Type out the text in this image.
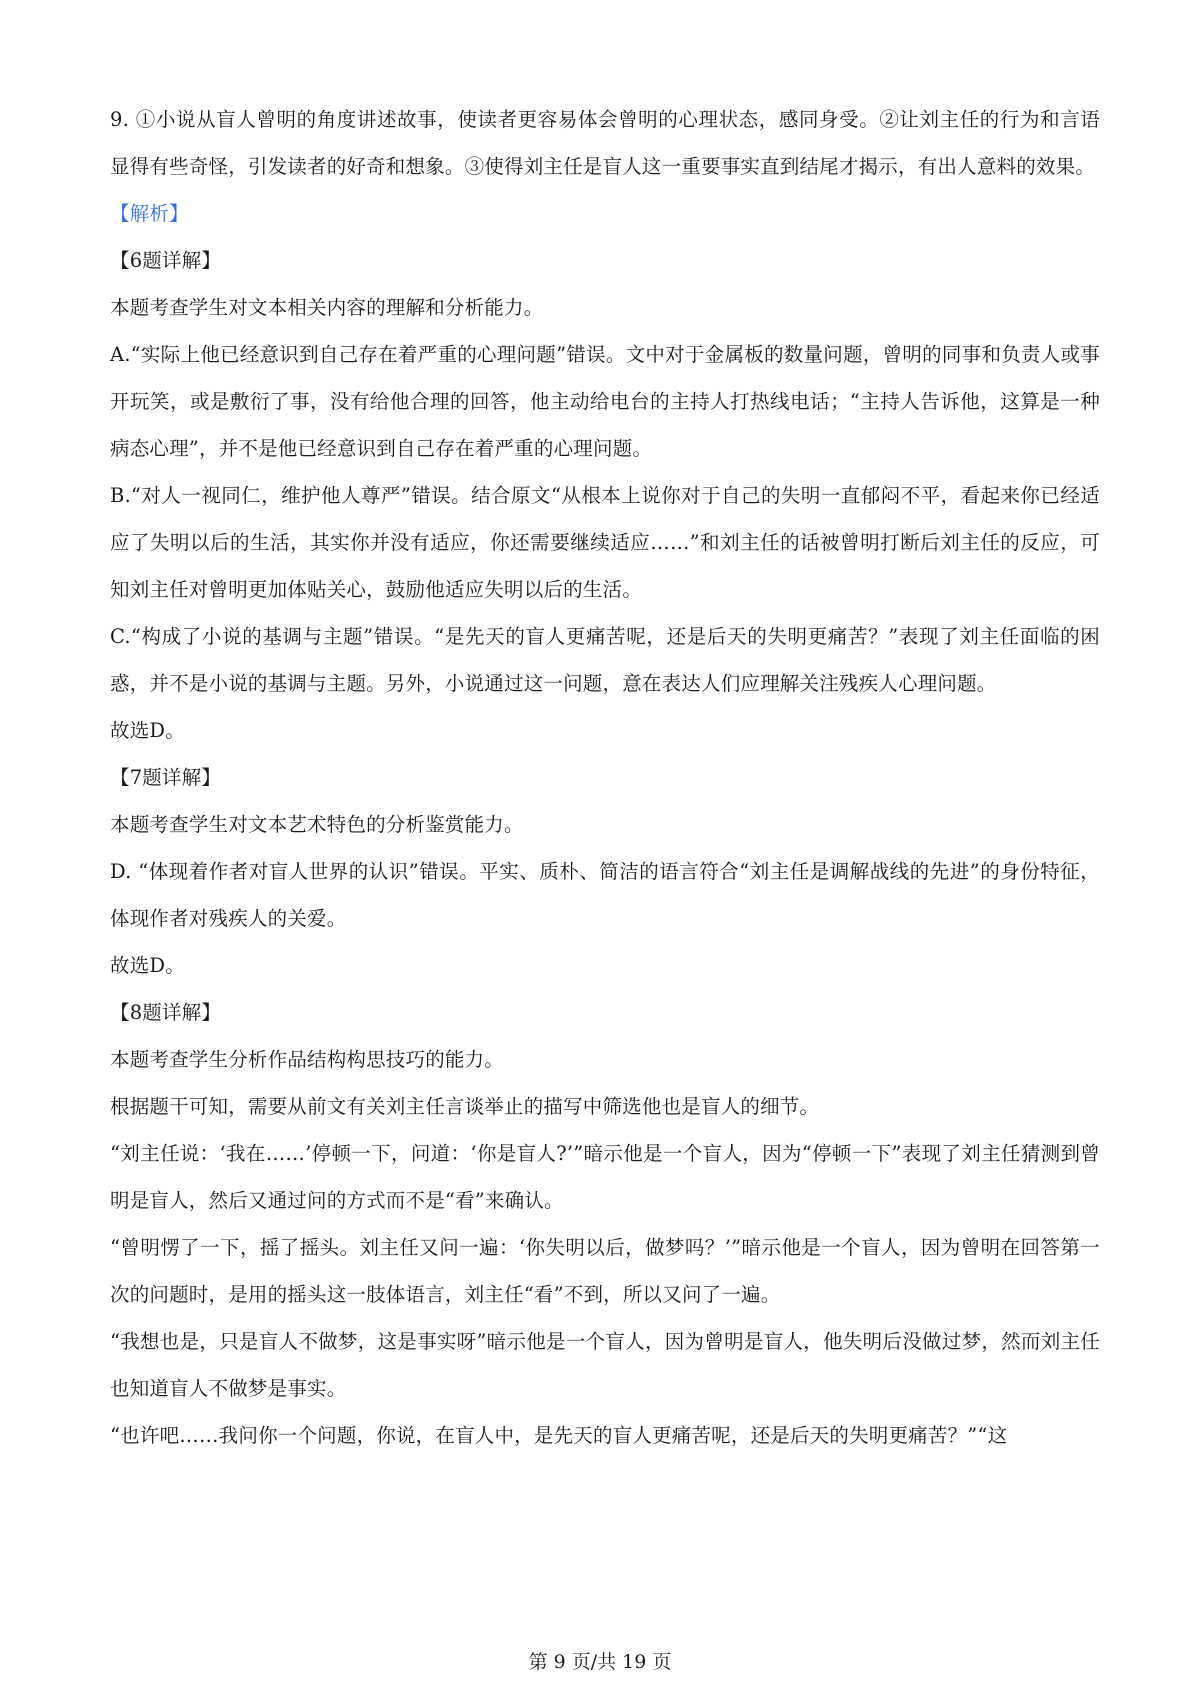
9. ①小说从盲人曾明的角度讲述故事，使读者更容易体会曾明的心理状态，感同身受。②让刘主任的行为和言语显得有些奇怪，引发读者的好奇和想象。③使得刘主任是盲人这一重要事实直到结尾才揭示，有出人意料的效果。

【解析】

【6题详解】

本题考查学生对文本相关内容的理解和分析能力。

A.“实际上他已经意识到自己存在着严重的心理问题”错误。文中对于金属板的数量问题，曾明的同事和负责人或事开玩笑，或是敷衍了事，没有给他合理的回答，他主动给电台的主持人打热线电话；“主持人告诉他，这算是一种病态心理”，并不是他已经意识到自己存在着严重的心理问题。

B.“对人一视同仁，维护他人尊严”错误。结合原文“从根本上说你对于自己的失明一直郁闷不平，看起来你已经适应了失明以后的生活，其实你并没有适应，你还需要继续适应……”和刘主任的话被曾明打断后刘主任的反应，可知刘主任对曾明更加体贴关心，鼓励他适应失明以后的生活。

C.“构成了小说的基调与主题”错误。“是先天的盲人更痛苦呢，还是后天的失明更痛苦？”表现了刘主任面临的困惑，并不是小说的基调与主题。另外，小说通过这一问题，意在表达人们应理解关注残疾人心理问题。

故选D。

【7题详解】

本题考查学生对文本艺术特色的分析鉴赏能力。

D. “体现着作者对盲人世界的认识”错误。平实、质朴、简洁的语言符合“刘主任是调解战线的先进”的身份特征，体现作者对残疾人的关爱。

故选D。

【8题详解】

本题考查学生分析作品结构构思技巧的能力。

根据题干可知，需要从前文有关刘主任言谈举止的描写中筛选他也是盲人的细节。

“刘主任说：‘我在……’停顿一下，问道：‘你是盲人?’”暗示他是一个盲人，因为“停顿一下”表现了刘主任猜测到曾明是盲人，然后又通过问的方式而不是“看”来确认。

“曾明愣了一下，摇了摇头。刘主任又问一遍：‘你失明以后，做梦吗？’”暗示他是一个盲人，因为曾明在回答第一次的问题时，是用的摇头这一肢体语言，刘主任“看”不到，所以又问了一遍。

“我想也是，只是盲人不做梦，这是事实呀”暗示他是一个盲人，因为曾明是盲人，他失明后没做过梦，然而刘主任也知道盲人不做梦是事实。

“也许吧……我问你一个问题，你说，在盲人中，是先天的盲人更痛苦呢，还是后天的失明更痛苦？”“这

第 9 页/共 19 页
